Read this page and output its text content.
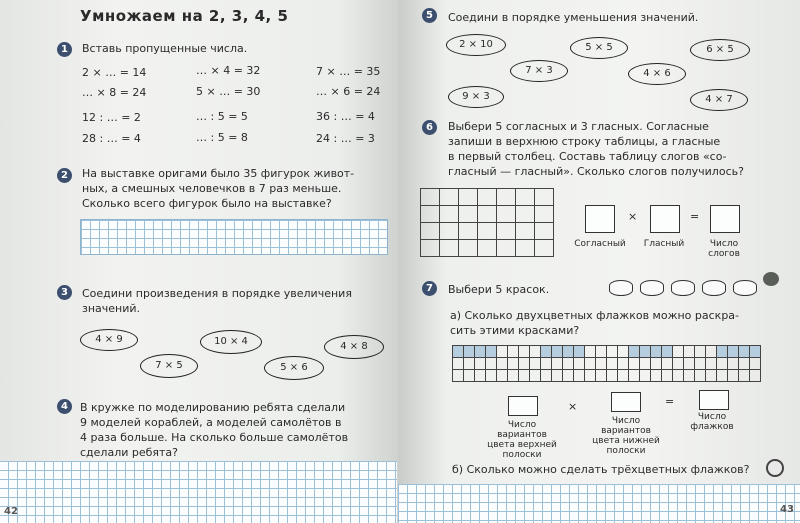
Умножаем на 2, 3, 4, 5
1	Вставь пропущенные числа.
2 × … = 14	… × 4 = 32	7 × … = 35
… × 8 = 24	5 × … = 30	… × 6 = 24
12 : … = 2	… : 5 = 5	36 : … = 4
28 : … = 4	… : 5 = 8	24 : … = 3
2	На выставке оригами было 35 фигурок живот-
ных, а смешных человечков в 7 раз меньше.
Сколько всего фигурок было на выставке?
3	Соедини произведения в порядке увеличения
значений.
4 × 9	10 × 4	4 × 8
7 × 5	5 × 6
4	В кружке по моделированию ребята сделали
9 моделей кораблей, а моделей самолётов в
4 раза больше. На сколько больше самолётов
сделали ребята?
42
5	Соедини в порядке уменьшения значений.
2 × 10	5 × 5	6 × 5
7 × 3	4 × 6
9 × 3	4 × 7
6	Выбери 5 согласных и 3 гласных. Согласные
запиши в верхнюю строку таблицы, а гласные
в первый столбец. Составь таблицу слогов «со-
гласный — гласный». Сколько слогов получилось?

×	=
Согласный	Гласный	Число слогов
7	Выбери 5 красок.
а) Сколько двухцветных флажков можно раскра-
сить этими красками?

×	=
Число вариантов цвета верхней полоски
Число вариантов цвета нижней полоски
Число флажков
б) Сколько можно сделать трёхцветных флажков?
43
